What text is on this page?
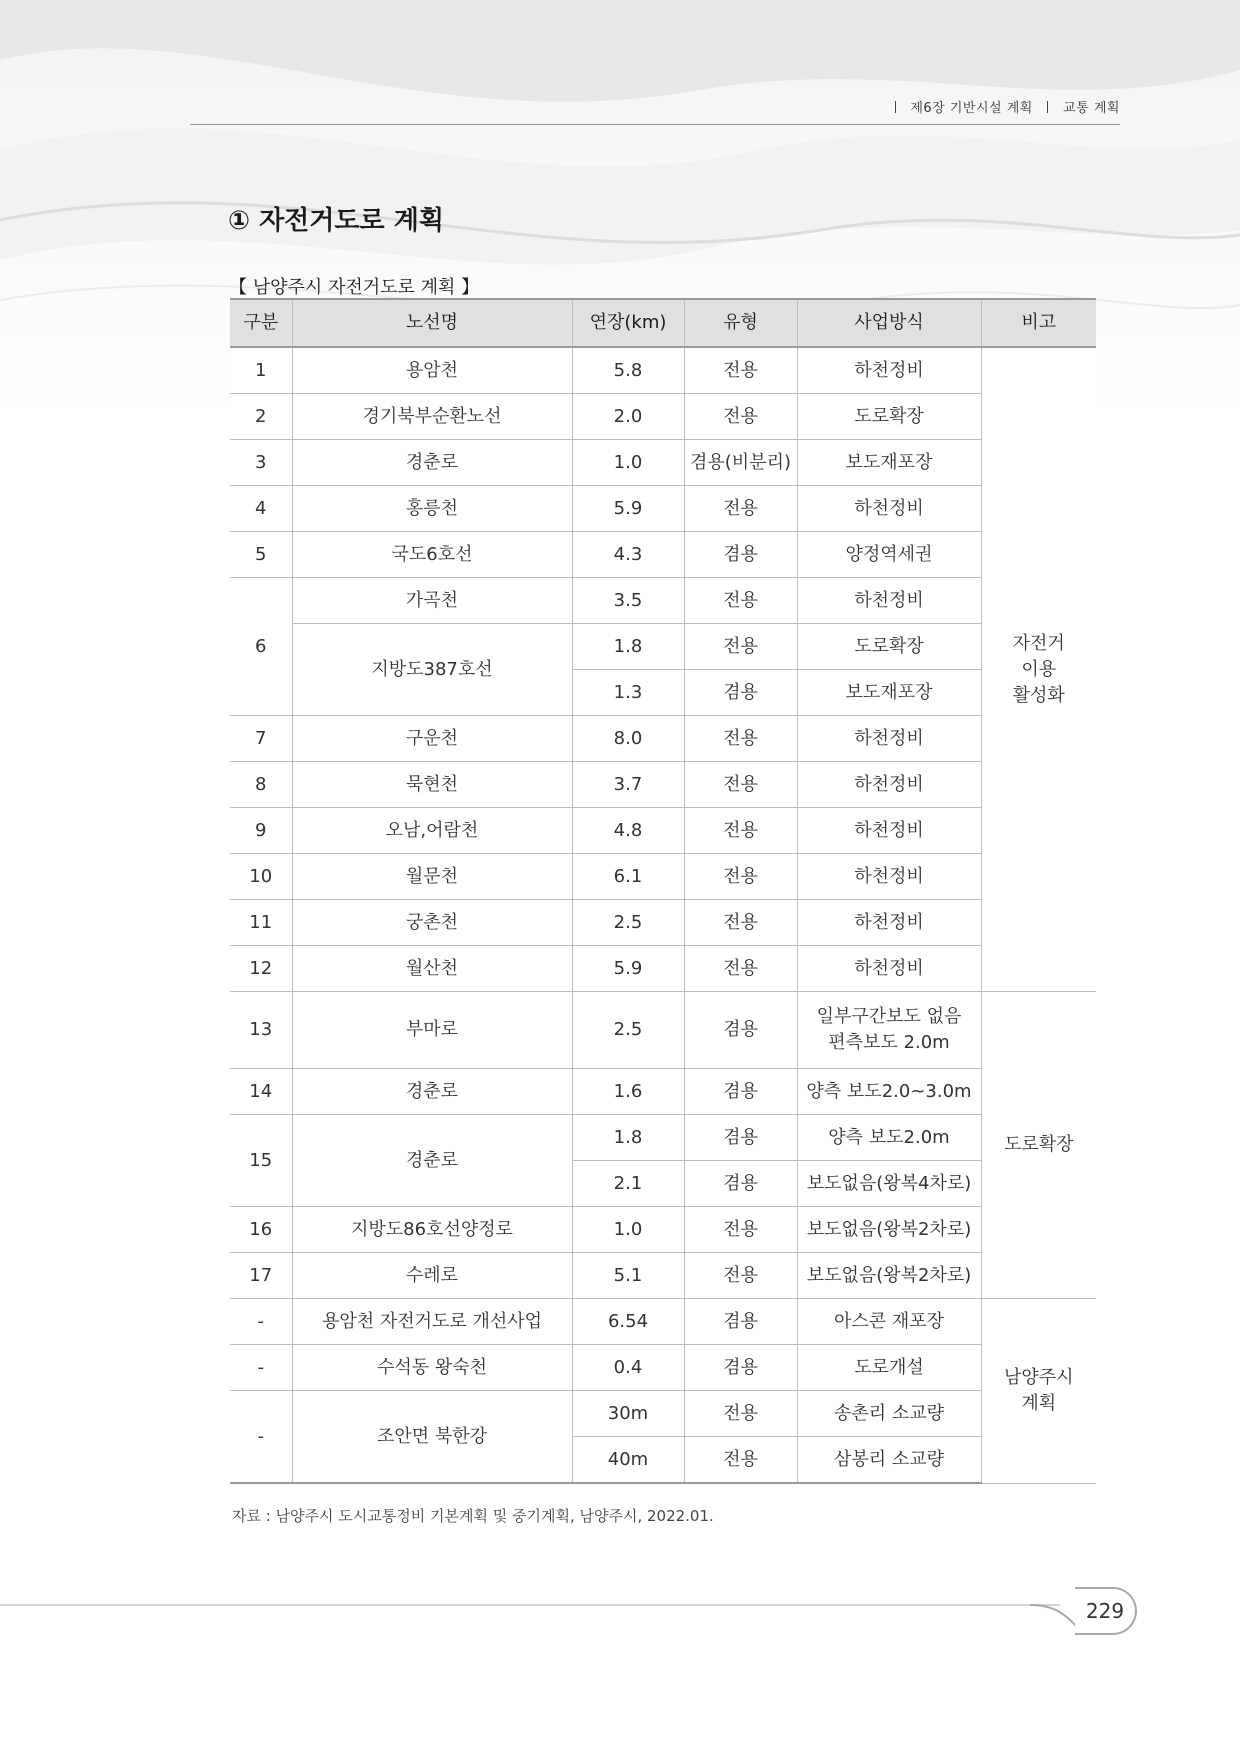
제6장 기반시설 계획 교통 계획
① 자전거도로 계획
【 남양주시 자전거도로 계획 】
구분	노선명	연장(km)	유형	사업방식	비고
1	용암천	5.8	전용	하천정비	자전거
이용
활성화
2	경기북부순환노선	2.0	전용	도로확장	
3	경춘로	1.0	겸용(비분리)	보도재포장	
4	홍릉천	5.9	전용	하천정비	
5	국도6호선	4.3	겸용	양정역세권	
6	가곡천	3.5	전용	하천정비	
	지방도387호선	1.8	전용	도로확장	
		1.3	겸용	보도재포장	
7	구운천	8.0	전용	하천정비	
8	묵현천	3.7	전용	하천정비	
9	오남,어람천	4.8	전용	하천정비	
10	월문천	6.1	전용	하천정비	
11	궁촌천	2.5	전용	하천정비	
12	월산천	5.9	전용	하천정비	
13	부마로	2.5	겸용	일부구간보도 없음
편측보도 2.0m	도로확장
14	경춘로	1.6	겸용	양측 보도2.0~3.0m	
15	경춘로	1.8	겸용	양측 보도2.0m	
		2.1	겸용	보도없음(왕복4차로)	
16	지방도86호선양정로	1.0	전용	보도없음(왕복2차로)	
17	수레로	5.1	전용	보도없음(왕복2차로)	
-	용암천 자전거도로 개선사업	6.54	겸용	아스콘 재포장	남양주시
계획
-	수석동 왕숙천	0.4	겸용	도로개설	
-	조안면 북한강	30m	전용	송촌리 소교량	
		40m	전용	삼봉리 소교량	
자료 : 남양주시 도시교통정비 기본계획 및 중기계획, 남양주시, 2022.01.
229
